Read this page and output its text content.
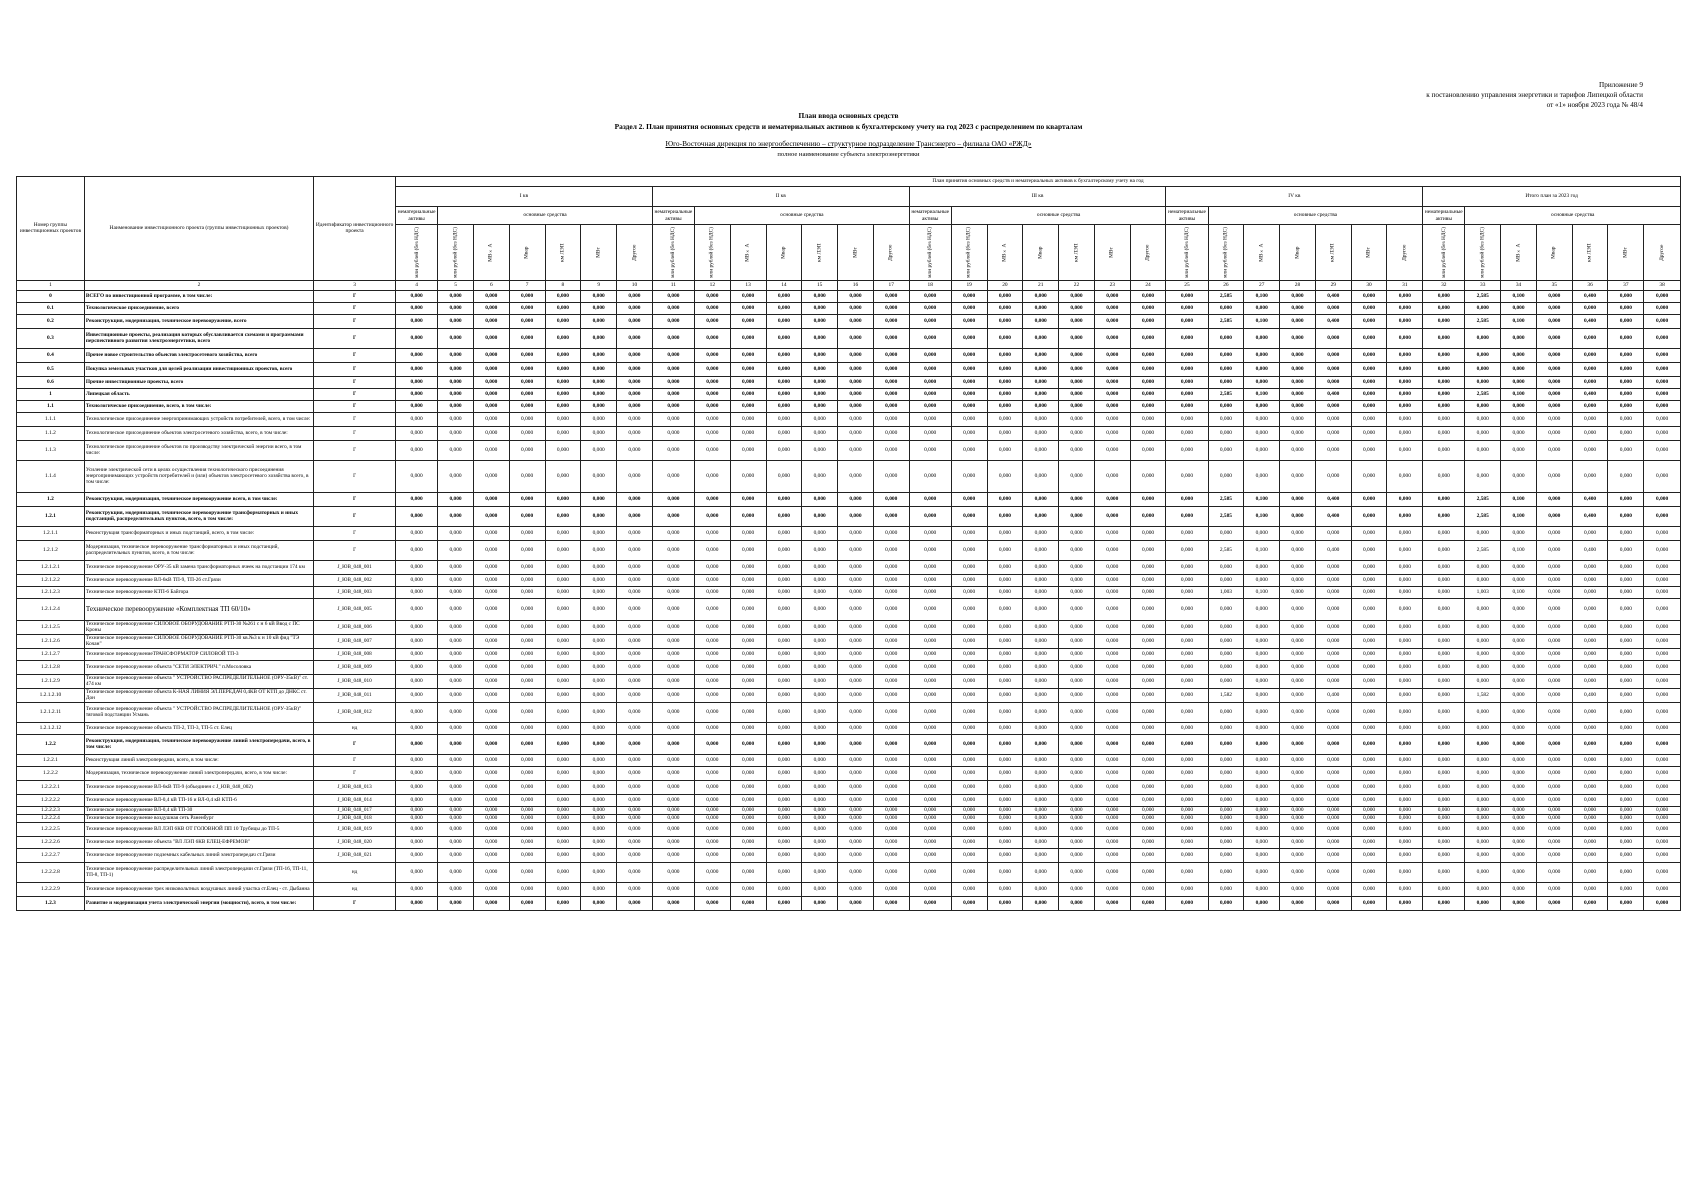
Приложение 9
к постановлению управления энергетики и тарифов Липецкой области
от «1» ноября 2023 года № 48/4
План ввода основных средств
Раздел 2. План принятия основных средств и нематериальных активов к бухгалтерскому учету на год 2023 с распределением по кварталам
Юго-Восточная дирекция по энергообеспечению – структурное подразделение Трансэнерго – филиала ОАО «РЖД»
полное наименование субъекта электроэнергетики
Номер группы инвестиционных проектов	Наименование инвестиционного проекта (группы инвестиционных проектов)	Идентификатор инвестиционного проекта	План принятия основных средств и нематериальных активов к бухгалтерскому учету на год																																		
			I кв							II кв							III кв							IV кв							Итого план за 2023 год						
			нематериальные активы	основные средства						нематериальные активы	основные средства						нематериальные активы	основные средства						нематериальные активы	основные средства						нематериальные активы	основные средства					
			млн рублей (без НДС)	млн рублей (без НДС)	МВ×А	Мвар	км ЛЭП	МВт	Другое	млн рублей (без НДС)	млн рублей (без НДС)	МВ×А	Мвар	км ЛЭП	МВт	Другое	млн рублей (без НДС)	млн рублей (без НДС)	МВ×А	Мвар	км ЛЭП	МВт	Другое	млн рублей (без НДС)	млн рублей (без НДС)	МВ×А	Мвар	км ЛЭП	МВт	Другое	млн рублей (без НДС)	млн рублей (без НДС)	МВ×А	Мвар	км ЛЭП	МВт	Другое
1	2	3	4	5	6	7	8	9	10	11	12	13	14	15	16	17	18	19	20	21	22	23	24	25	26	27	28	29	30	31	32	33	34	35	36	37	38
0	ВСЕГО по инвестиционной программе, в том числе:	Г	0,000	0,000	0,000	0,000	0,000	0,000	0,000	0,000	0,000	0,000	0,000	0,000	0,000	0,000	0,000	0,000	0,000	0,000	0,000	0,000	0,000	0,000	2,585	0,100	0,000	0,400	0,000	0,000	0,000	2,585	0,100	0,000	0,400	0,000	0,000
0.1	Технологическое присоединение, всего	Г	0,000	0,000	0,000	0,000	0,000	0,000	0,000	0,000	0,000	0,000	0,000	0,000	0,000	0,000	0,000	0,000	0,000	0,000	0,000	0,000	0,000	0,000	0,000	0,000	0,000	0,000	0,000	0,000	0,000	0,000	0,000	0,000	0,000	0,000	0,000
0.2	Реконструкция, модернизация, техническое перевооружение, всего	Г	0,000	0,000	0,000	0,000	0,000	0,000	0,000	0,000	0,000	0,000	0,000	0,000	0,000	0,000	0,000	0,000	0,000	0,000	0,000	0,000	0,000	0,000	2,585	0,100	0,000	0,400	0,000	0,000	0,000	2,585	0,100	0,000	0,400	0,000	0,000
0.3	Инвестиционные проекты, реализация которых обуславливается схемами и программами перспективного развития электроэнергетики, всего	Г	0,000	0,000	0,000	0,000	0,000	0,000	0,000	0,000	0,000	0,000	0,000	0,000	0,000	0,000	0,000	0,000	0,000	0,000	0,000	0,000	0,000	0,000	0,000	0,000	0,000	0,000	0,000	0,000	0,000	0,000	0,000	0,000	0,000	0,000	0,000
0.4	Прочее новое строительство объектов электросетевого хозяйства, всего	Г	0,000	0,000	0,000	0,000	0,000	0,000	0,000	0,000	0,000	0,000	0,000	0,000	0,000	0,000	0,000	0,000	0,000	0,000	0,000	0,000	0,000	0,000	0,000	0,000	0,000	0,000	0,000	0,000	0,000	0,000	0,000	0,000	0,000	0,000	0,000
0.5	Покупка земельных участков для целей реализации инвестиционных проектов, всего	Г	0,000	0,000	0,000	0,000	0,000	0,000	0,000	0,000	0,000	0,000	0,000	0,000	0,000	0,000	0,000	0,000	0,000	0,000	0,000	0,000	0,000	0,000	0,000	0,000	0,000	0,000	0,000	0,000	0,000	0,000	0,000	0,000	0,000	0,000	0,000
0.6	Прочие инвестиционные проекты, всего	Г	0,000	0,000	0,000	0,000	0,000	0,000	0,000	0,000	0,000	0,000	0,000	0,000	0,000	0,000	0,000	0,000	0,000	0,000	0,000	0,000	0,000	0,000	0,000	0,000	0,000	0,000	0,000	0,000	0,000	0,000	0,000	0,000	0,000	0,000	0,000
1	Липецкая область	Г	0,000	0,000	0,000	0,000	0,000	0,000	0,000	0,000	0,000	0,000	0,000	0,000	0,000	0,000	0,000	0,000	0,000	0,000	0,000	0,000	0,000	0,000	2,585	0,100	0,000	0,400	0,000	0,000	0,000	2,585	0,100	0,000	0,400	0,000	0,000
1.1	Технологическое присоединение, всего, в том числе:	Г	0,000	0,000	0,000	0,000	0,000	0,000	0,000	0,000	0,000	0,000	0,000	0,000	0,000	0,000	0,000	0,000	0,000	0,000	0,000	0,000	0,000	0,000	0,000	0,000	0,000	0,000	0,000	0,000	0,000	0,000	0,000	0,000	0,000	0,000	0,000
1.1.1	Технологическое присоединение энергопринимающих устройств потребителей, всего, в том числе:	Г	0,000	0,000	0,000	0,000	0,000	0,000	0,000	0,000	0,000	0,000	0,000	0,000	0,000	0,000	0,000	0,000	0,000	0,000	0,000	0,000	0,000	0,000	0,000	0,000	0,000	0,000	0,000	0,000	0,000	0,000	0,000	0,000	0,000	0,000	0,000
1.1.2	Технологическое присоединение объектов электросетевого хозяйства, всего, в том числе:	Г	0,000	0,000	0,000	0,000	0,000	0,000	0,000	0,000	0,000	0,000	0,000	0,000	0,000	0,000	0,000	0,000	0,000	0,000	0,000	0,000	0,000	0,000	0,000	0,000	0,000	0,000	0,000	0,000	0,000	0,000	0,000	0,000	0,000	0,000	0,000
1.1.3	Технологическое присоединение объектов по производству электрической энергии всего, в том числе:	Г	0,000	0,000	0,000	0,000	0,000	0,000	0,000	0,000	0,000	0,000	0,000	0,000	0,000	0,000	0,000	0,000	0,000	0,000	0,000	0,000	0,000	0,000	0,000	0,000	0,000	0,000	0,000	0,000	0,000	0,000	0,000	0,000	0,000	0,000	0,000
1.1.4	Усиление электрической сети в целях осуществления технологического присоединения энергопринимающих устройств потребителей и (или) объектов электросетевого хозяйства всего, в том числе:	Г	0,000	0,000	0,000	0,000	0,000	0,000	0,000	0,000	0,000	0,000	0,000	0,000	0,000	0,000	0,000	0,000	0,000	0,000	0,000	0,000	0,000	0,000	0,000	0,000	0,000	0,000	0,000	0,000	0,000	0,000	0,000	0,000	0,000	0,000	0,000
1.2	Реконструкция, модернизация, техническое перевооружение всего, в том числе:	Г	0,000	0,000	0,000	0,000	0,000	0,000	0,000	0,000	0,000	0,000	0,000	0,000	0,000	0,000	0,000	0,000	0,000	0,000	0,000	0,000	0,000	0,000	2,585	0,100	0,000	0,400	0,000	0,000	0,000	2,585	0,100	0,000	0,400	0,000	0,000
1.2.1	Реконструкция, модернизация, техническое перевооружение трансформаторных и иных подстанций, распределительных пунктов, всего, в том числе:	Г	0,000	0,000	0,000	0,000	0,000	0,000	0,000	0,000	0,000	0,000	0,000	0,000	0,000	0,000	0,000	0,000	0,000	0,000	0,000	0,000	0,000	0,000	2,585	0,100	0,000	0,400	0,000	0,000	0,000	2,585	0,100	0,000	0,400	0,000	0,000
1.2.1.1	Реконструкция трансформаторных и иных подстанций, всего, в том числе:	Г	0,000	0,000	0,000	0,000	0,000	0,000	0,000	0,000	0,000	0,000	0,000	0,000	0,000	0,000	0,000	0,000	0,000	0,000	0,000	0,000	0,000	0,000	0,000	0,000	0,000	0,000	0,000	0,000	0,000	0,000	0,000	0,000	0,000	0,000	0,000
1.2.1.2	Модернизация, техническое перевооружение трансформаторных и иных подстанций, распределительных пунктов, всего, в том числе:	Г	0,000	0,000	0,000	0,000	0,000	0,000	0,000	0,000	0,000	0,000	0,000	0,000	0,000	0,000	0,000	0,000	0,000	0,000	0,000	0,000	0,000	0,000	2,585	0,100	0,000	0,400	0,000	0,000	0,000	2,585	0,100	0,000	0,400	0,000	0,000
1.2.1.2.1	Техническое перевооружение ОРУ-35 кВ замена трансформаторных ячеек на подстанции 174 км	J_ЮВ_048_001	0,000	0,000	0,000	0,000	0,000	0,000	0,000	0,000	0,000	0,000	0,000	0,000	0,000	0,000	0,000	0,000	0,000	0,000	0,000	0,000	0,000	0,000	0,000	0,000	0,000	0,000	0,000	0,000	0,000	0,000	0,000	0,000	0,000	0,000	0,000
1.2.1.2.2	Техническое перевооружение ВЛ-6кВ ТП-9, ТП-26 ст.Грязи	J_ЮВ_048_002	0,000	0,000	0,000	0,000	0,000	0,000	0,000	0,000	0,000	0,000	0,000	0,000	0,000	0,000	0,000	0,000	0,000	0,000	0,000	0,000	0,000	0,000	0,000	0,000	0,000	0,000	0,000	0,000	0,000	0,000	0,000	0,000	0,000	0,000	0,000
1.2.1.2.3	Техническое перевооружение КТП-6 Байгора	J_ЮВ_048_003	0,000	0,000	0,000	0,000	0,000	0,000	0,000	0,000	0,000	0,000	0,000	0,000	0,000	0,000	0,000	0,000	0,000	0,000	0,000	0,000	0,000	0,000	1,003	0,100	0,000	0,000	0,000	0,000	0,000	1,003	0,100	0,000	0,000	0,000	0,000
1.2.1.2.4	Техническое перевооружение «Комплектная ТП 60/10»	J_ЮВ_048_005	0,000	0,000	0,000	0,000	0,000	0,000	0,000	0,000	0,000	0,000	0,000	0,000	0,000	0,000	0,000	0,000	0,000	0,000	0,000	0,000	0,000	0,000	0,000	0,000	0,000	0,000	0,000	0,000	0,000	0,000	0,000	0,000	0,000	0,000	0,000
1.2.1.2.5	Техническое перевооружение СИЛОВОЕ ОБОРУДОВАНИЕ РТП-30 №261 с н 6 кВ Ввод с ПС Кроны	J_ЮВ_048_006	0,000	0,000	0,000	0,000	0,000	0,000	0,000	0,000	0,000	0,000	0,000	0,000	0,000	0,000	0,000	0,000	0,000	0,000	0,000	0,000	0,000	0,000	0,000	0,000	0,000	0,000	0,000	0,000	0,000	0,000	0,000	0,000	0,000	0,000	0,000
1.2.1.2.6	Техническое перевооружение СИЛОВОЕ ОБОРУДОВАНИЕ РТП-30 кв.№3 к н 10 кВ фид "ТЭ Кочан"	J_ЮВ_048_007	0,000	0,000	0,000	0,000	0,000	0,000	0,000	0,000	0,000	0,000	0,000	0,000	0,000	0,000	0,000	0,000	0,000	0,000	0,000	0,000	0,000	0,000	0,000	0,000	0,000	0,000	0,000	0,000	0,000	0,000	0,000	0,000	0,000	0,000	0,000
1.2.1.2.7	Техническое перевооружениеТРАНСФОРМАТОР СИЛОВОЙ ТП-3	J_ЮВ_048_008	0,000	0,000	0,000	0,000	0,000	0,000	0,000	0,000	0,000	0,000	0,000	0,000	0,000	0,000	0,000	0,000	0,000	0,000	0,000	0,000	0,000	0,000	0,000	0,000	0,000	0,000	0,000	0,000	0,000	0,000	0,000	0,000	0,000	0,000	0,000
1.2.1.2.8	Техническое перевооружение объекта "СЕТИ ЭЛЕКТРИЧ." п.Мосоловка	J_ЮВ_048_009	0,000	0,000	0,000	0,000	0,000	0,000	0,000	0,000	0,000	0,000	0,000	0,000	0,000	0,000	0,000	0,000	0,000	0,000	0,000	0,000	0,000	0,000	0,000	0,000	0,000	0,000	0,000	0,000	0,000	0,000	0,000	0,000	0,000	0,000	0,000
1.2.1.2.9	Техническое перевооружение объекта " УСТРОЙСТВО РАСПРЕДЕЛИТЕЛЬНОЕ (ОРУ-35кВ)" ст. 474 км	J_ЮВ_048_010	0,000	0,000	0,000	0,000	0,000	0,000	0,000	0,000	0,000	0,000	0,000	0,000	0,000	0,000	0,000	0,000	0,000	0,000	0,000	0,000	0,000	0,000	0,000	0,000	0,000	0,000	0,000	0,000	0,000	0,000	0,000	0,000	0,000	0,000	0,000
1.2.1.2.10	Техническое перевооружение объекта К-НАЯ ЛИНИЯ ЭЛ.ПЕРЕДАЧ 0,4КВ ОТ КТП до ДНКС ст. Дон	J_ЮВ_048_011	0,000	0,000	0,000	0,000	0,000	0,000	0,000	0,000	0,000	0,000	0,000	0,000	0,000	0,000	0,000	0,000	0,000	0,000	0,000	0,000	0,000	0,000	1,582	0,000	0,000	0,400	0,000	0,000	0,000	1,582	0,000	0,000	0,400	0,000	0,000
1.2.1.2.11	Техническое перевооружение объекта " УСТРОЙСТВО РАСПРЕДЕЛИТЕЛЬНОЕ (ОРУ-35кВ)" тяговой подстанции Усмань	J_ЮВ_048_012	0,000	0,000	0,000	0,000	0,000	0,000	0,000	0,000	0,000	0,000	0,000	0,000	0,000	0,000	0,000	0,000	0,000	0,000	0,000	0,000	0,000	0,000	0,000	0,000	0,000	0,000	0,000	0,000	0,000	0,000	0,000	0,000	0,000	0,000	0,000
1.2.1.2.12	Техническое перевооружение объекта ТП-2, ТП-3, ТП-5 ст. Елец	нд	0,000	0,000	0,000	0,000	0,000	0,000	0,000	0,000	0,000	0,000	0,000	0,000	0,000	0,000	0,000	0,000	0,000	0,000	0,000	0,000	0,000	0,000	0,000	0,000	0,000	0,000	0,000	0,000	0,000	0,000	0,000	0,000	0,000	0,000	0,000
1.2.2	Реконструкция, модернизация, техническое перевооружение линий электропередачи, всего, в том числе:	Г	0,000	0,000	0,000	0,000	0,000	0,000	0,000	0,000	0,000	0,000	0,000	0,000	0,000	0,000	0,000	0,000	0,000	0,000	0,000	0,000	0,000	0,000	0,000	0,000	0,000	0,000	0,000	0,000	0,000	0,000	0,000	0,000	0,000	0,000	0,000
1.2.2.1	Реконструкция линий электропередачи, всего, в том числе:	Г	0,000	0,000	0,000	0,000	0,000	0,000	0,000	0,000	0,000	0,000	0,000	0,000	0,000	0,000	0,000	0,000	0,000	0,000	0,000	0,000	0,000	0,000	0,000	0,000	0,000	0,000	0,000	0,000	0,000	0,000	0,000	0,000	0,000	0,000	0,000
1.2.2.2	Модернизация, техническое перевооружение линий электропередачи, всего, в том числе:	Г	0,000	0,000	0,000	0,000	0,000	0,000	0,000	0,000	0,000	0,000	0,000	0,000	0,000	0,000	0,000	0,000	0,000	0,000	0,000	0,000	0,000	0,000	0,000	0,000	0,000	0,000	0,000	0,000	0,000	0,000	0,000	0,000	0,000	0,000	0,000
1.2.2.2.1	Техническое перевооружение ВЛ-6кВ ТП-9 (объединен с J_ЮВ_048_002)	J_ЮВ_048_013	0,000	0,000	0,000	0,000	0,000	0,000	0,000	0,000	0,000	0,000	0,000	0,000	0,000	0,000	0,000	0,000	0,000	0,000	0,000	0,000	0,000	0,000	0,000	0,000	0,000	0,000	0,000	0,000	0,000	0,000	0,000	0,000	0,000	0,000	0,000
1.2.2.2.2	Техническое перевооружение ВЛ-0,4 кВ ТП-16 и ВЛ-0,4 кВ КТП-6	J_ЮВ_048_014	0,000	0,000	0,000	0,000	0,000	0,000	0,000	0,000	0,000	0,000	0,000	0,000	0,000	0,000	0,000	0,000	0,000	0,000	0,000	0,000	0,000	0,000	0,000	0,000	0,000	0,000	0,000	0,000	0,000	0,000	0,000	0,000	0,000	0,000	0,000
1.2.2.2.3	Техническое перевооружение ВЛ-0,4 кВ ТП-30	J_ЮВ_048_017	0,000	0,000	0,000	0,000	0,000	0,000	0,000	0,000	0,000	0,000	0,000	0,000	0,000	0,000	0,000	0,000	0,000	0,000	0,000	0,000	0,000	0,000	0,000	0,000	0,000	0,000	0,000	0,000	0,000	0,000	0,000	0,000	0,000	0,000	0,000
1.2.2.2.4	Техническое перевооружение воздушная сеть Раненбург	J_ЮВ_048_018	0,000	0,000	0,000	0,000	0,000	0,000	0,000	0,000	0,000	0,000	0,000	0,000	0,000	0,000	0,000	0,000	0,000	0,000	0,000	0,000	0,000	0,000	0,000	0,000	0,000	0,000	0,000	0,000	0,000	0,000	0,000	0,000	0,000	0,000	0,000
1.2.2.2.5	Техническое перевооружение ВЛ ЛЭП 6КВ ОТ ГОЛОВНОЙ ПП 10 Трубицы до ТП-5	J_ЮВ_048_019	0,000	0,000	0,000	0,000	0,000	0,000	0,000	0,000	0,000	0,000	0,000	0,000	0,000	0,000	0,000	0,000	0,000	0,000	0,000	0,000	0,000	0,000	0,000	0,000	0,000	0,000	0,000	0,000	0,000	0,000	0,000	0,000	0,000	0,000	0,000
1.2.2.2.6	Техническое перевооружение объекта "ВЛ ЛЭП 6КВ ЕЛЕЦ-ЕФРЕМОВ"	J_ЮВ_048_020	0,000	0,000	0,000	0,000	0,000	0,000	0,000	0,000	0,000	0,000	0,000	0,000	0,000	0,000	0,000	0,000	0,000	0,000	0,000	0,000	0,000	0,000	0,000	0,000	0,000	0,000	0,000	0,000	0,000	0,000	0,000	0,000	0,000	0,000	0,000
1.2.2.2.7	Техническое перевооружение подземных кабельных линий электропередач ст.Грязи	J_ЮВ_048_021	0,000	0,000	0,000	0,000	0,000	0,000	0,000	0,000	0,000	0,000	0,000	0,000	0,000	0,000	0,000	0,000	0,000	0,000	0,000	0,000	0,000	0,000	0,000	0,000	0,000	0,000	0,000	0,000	0,000	0,000	0,000	0,000	0,000	0,000	0,000
1.2.2.2.8	Техническое перевооружение распределительных линий электропередачи ст.Грязи (ТП-16, ТП-11, ТП-8, ТП-1)	нд	0,000	0,000	0,000	0,000	0,000	0,000	0,000	0,000	0,000	0,000	0,000	0,000	0,000	0,000	0,000	0,000	0,000	0,000	0,000	0,000	0,000	0,000	0,000	0,000	0,000	0,000	0,000	0,000	0,000	0,000	0,000	0,000	0,000	0,000	0,000
1.2.2.2.9	Техническое перевооружение трех низковольтных воздушных линий участка ст.Елец - ст. Дыбанна	нд	0,000	0,000	0,000	0,000	0,000	0,000	0,000	0,000	0,000	0,000	0,000	0,000	0,000	0,000	0,000	0,000	0,000	0,000	0,000	0,000	0,000	0,000	0,000	0,000	0,000	0,000	0,000	0,000	0,000	0,000	0,000	0,000	0,000	0,000	0,000
1.2.3	Развитие и модернизация учета электрической энергии (мощности), всего, в том числе:	Г	0,000	0,000	0,000	0,000	0,000	0,000	0,000	0,000	0,000	0,000	0,000	0,000	0,000	0,000	0,000	0,000	0,000	0,000	0,000	0,000	0,000	0,000	0,000	0,000	0,000	0,000	0,000	0,000	0,000	0,000	0,000	0,000	0,000	0,000	0,000
